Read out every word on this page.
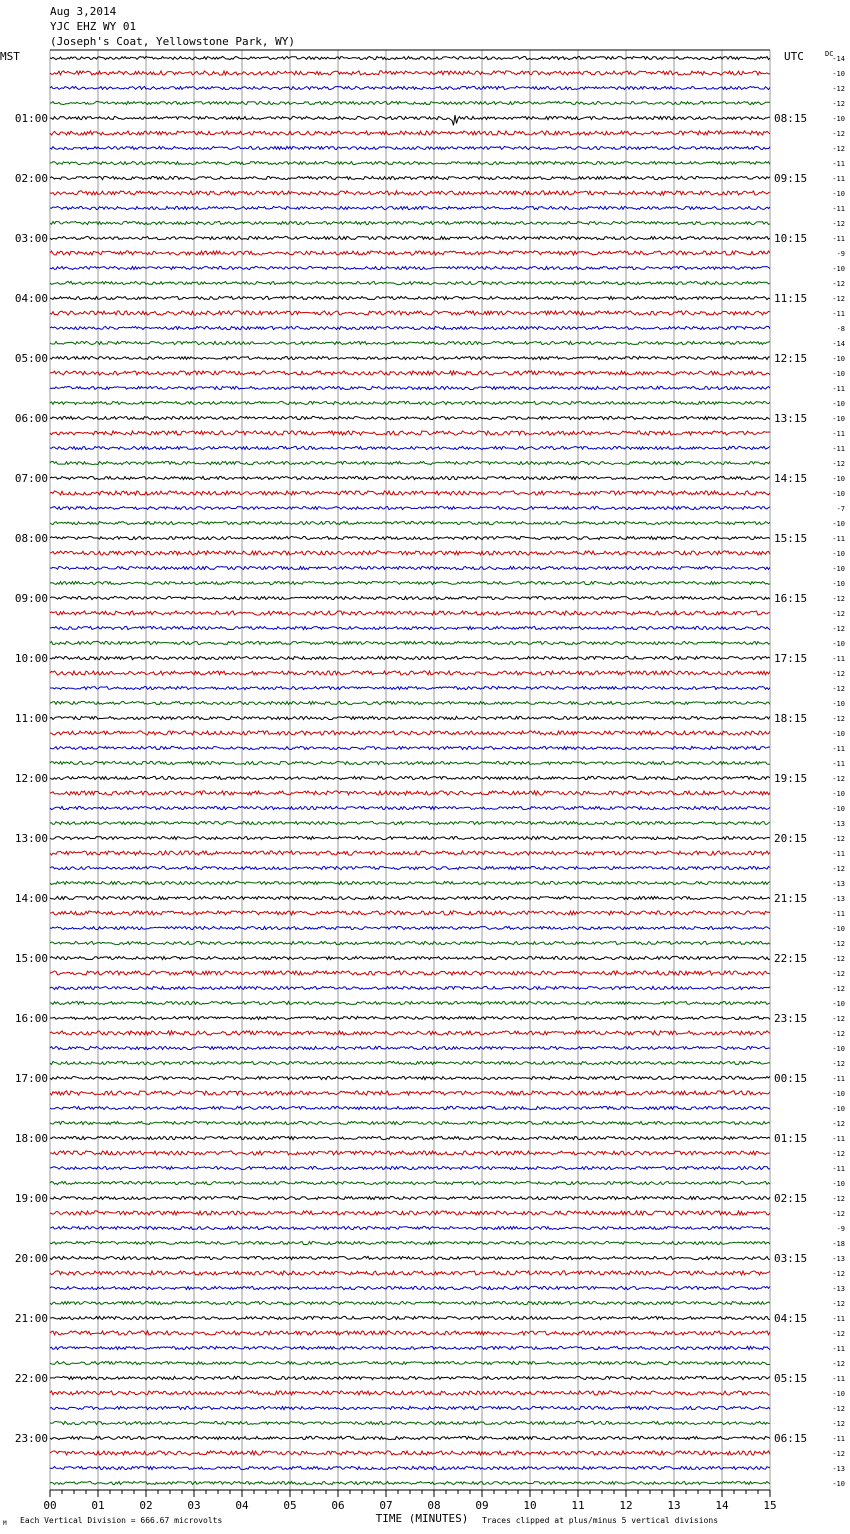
Aug 3,2014
YJC EHZ WY 01
(Joseph's Coat, Yellowstone Park, WY)
MST	UTC	-14
-10
-12
-12
-10
-12
-12
-11
-11
-10
-11
-12
-11
-9
-10
-12
-12
-11
-8
-14
-10
-10
-11
-10
-10
-11
-11
-12
-10
-10
-7
-10
-11
-10
-10
-10
-12
-12
-12
-10
-11
-12
-12
-10
-12
-10
-11
-11
-12
-10
-10
-13
-12
-11
-12
-13
-13
-11
-10
-12
-12
-12
-12
-10
-12
-12
-10
-12
-11
-10
-10
-12
-11
-12
-11
-10
-12
-12
-9
-18
-13
-12
-13
-12
-11
-12
-11
-12
-11
-10
-12
-12
-11
-12
-13
-10
DC
01:00
02:00
03:00
04:00
05:00
06:00
07:00
08:00
09:00
10:00
11:00
12:00
13:00
14:00
15:00
16:00
17:00
18:00
19:00
20:00
21:00
22:00
23:00
08:15
09:15
10:15
11:15
12:15
13:15
14:15
15:15
16:15
17:15
18:15
19:15
20:15
21:15
22:15
23:15
00:15
01:15
02:15
03:15
04:15
05:15
06:15
00	01	02	03	04	05	06	07	08	09	10	11	12	13	14	15
TIME (MINUTES)
M Each Vertical Division = 666.67 microvolts	Traces clipped at plus/minus 5 vertical divisions
